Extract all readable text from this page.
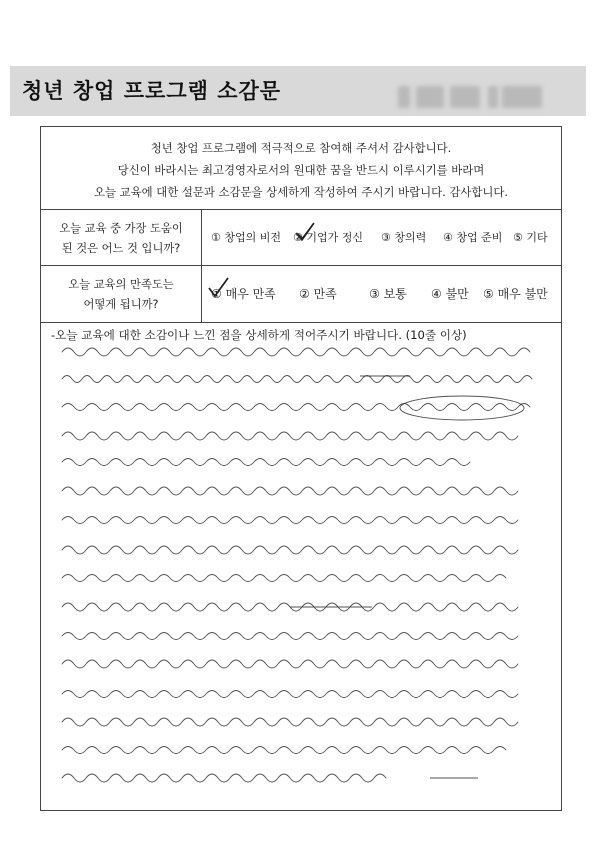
청년 창업 프로그램 소감문
청년 창업 프로그램에 적극적으로 참여해 주셔서 감사합니다.
당신이 바라시는 최고경영자로서의 원대한 꿈을 반드시 이루시기를 바라며
오늘 교육에 대한 설문과 소감문을 상세하게 작성하여 주시기 바랍니다. 감사합니다.
오늘 교육 중 가장 도움이
된 것은 어느 것 입니까?
① 창업의 비전 ② 기업가 정신 ③ 창의력 ④ 창업 준비 ⑤ 기타
오늘 교육의 만족도는
어떻게 됩니까?
① 매우 만족 ② 만족	③ 보통 ④ 불만 ⑤ 매우 불만
-오늘 교육에 대한 소감이나 느낀 점을 상세하게 적어주시기 바랍니다. (10줄 이상)
